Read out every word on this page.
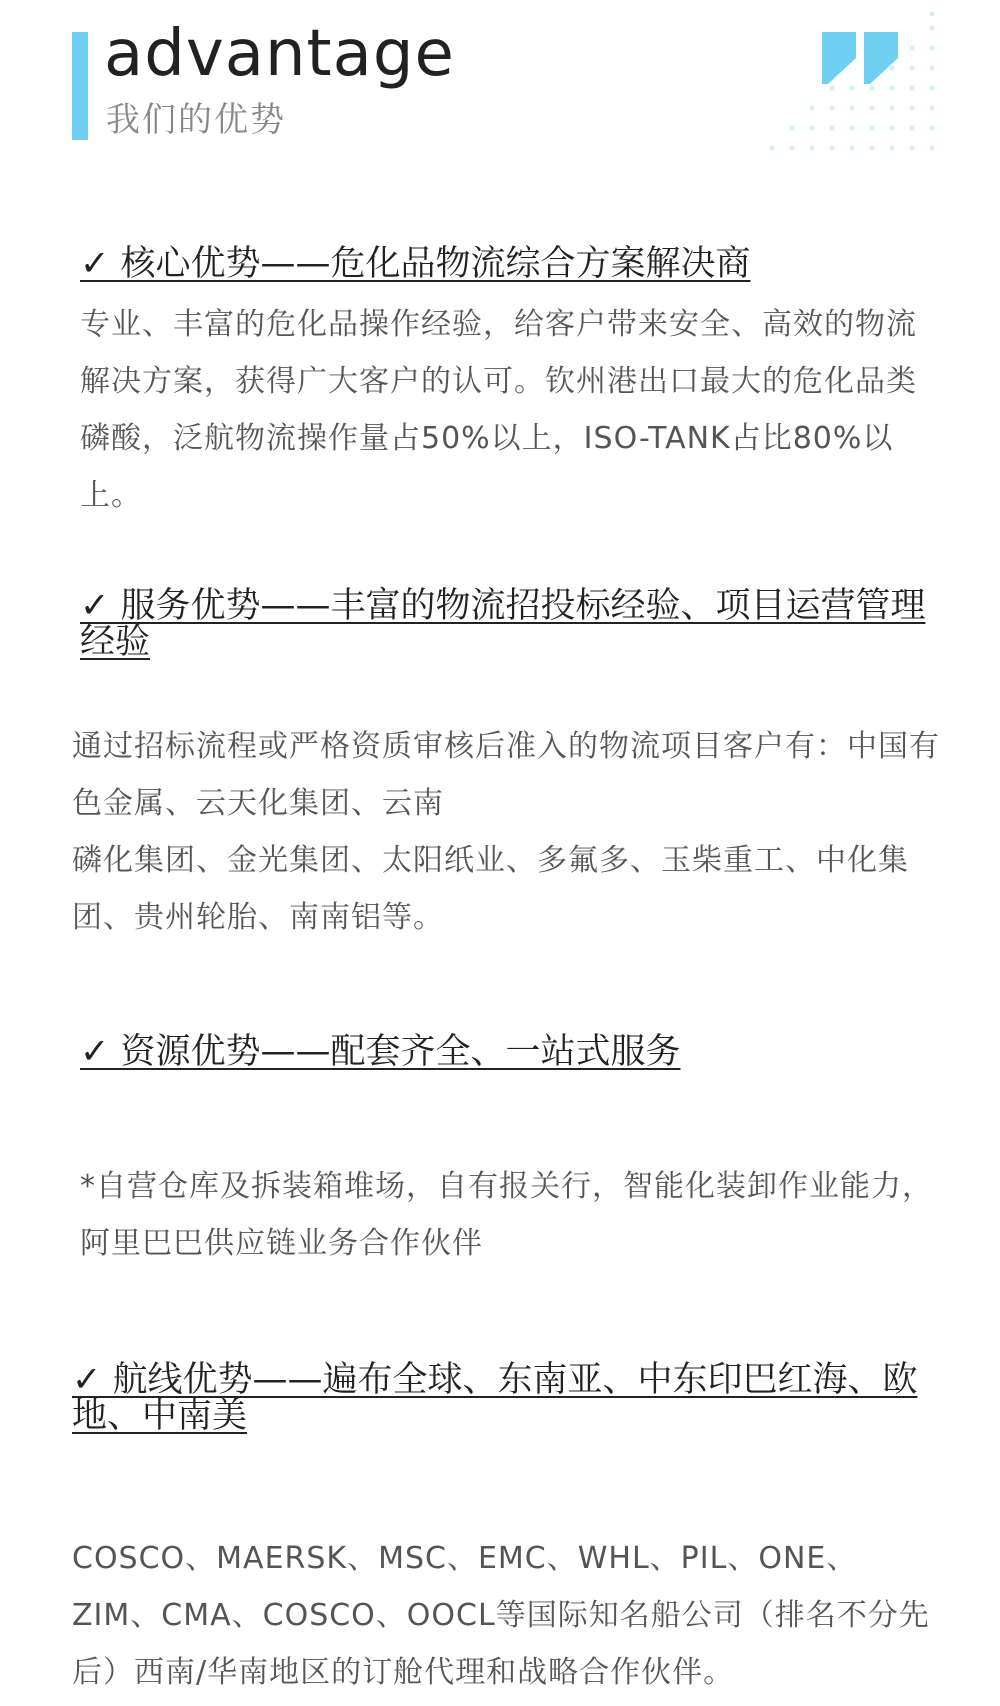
advantage
我们的优势
✓ 核心优势——危化品物流综合方案解决商
专业、丰富的危化品操作经验，给客户带来安全、高效的物流解决方案，获得广大客户的认可。钦州港出口最大的危化品类磷酸，泛航物流操作量占50%以上，ISO-TANK占比80%以上。
✓ 服务优势——丰富的物流招投标经验、项目运营管理经验
通过招标流程或严格资质审核后准入的物流项目客户有：中国有色金属、云天化集团、云南
磷化集团、金光集团、太阳纸业、多氟多、玉柴重工、中化集团、贵州轮胎、南南铝等。
✓ 资源优势——配套齐全、一站式服务
*自营仓库及拆装箱堆场，自有报关行，智能化装卸作业能力，阿里巴巴供应链业务合作伙伴
✓ 航线优势——遍布全球、东南亚、中东印巴红海、欧地、中南美
COSCO、MAERSK、MSC、EMC、WHL、PIL、ONE、ZIM、CMA、COSCO、OOCL等国际知名船公司（排名不分先后）西南/华南地区的订舱代理和战略合作伙伴。
